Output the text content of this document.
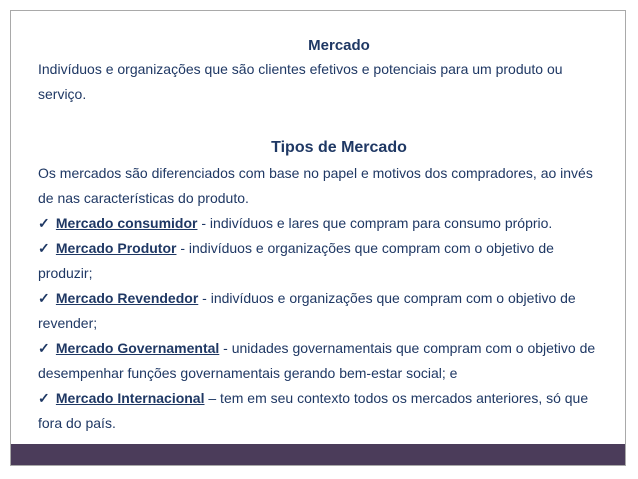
Mercado

Indivíduos e organizações que são clientes efetivos e potenciais para um produto ou serviço.

Tipos de Mercado

Os mercados são diferenciados com base no papel e motivos dos compradores, ao invés de nas características do produto.

✓ Mercado consumidor - indivíduos e lares que compram para consumo próprio.

✓ Mercado Produtor - indivíduos e organizações que compram com o objetivo de produzir;

✓ Mercado Revendedor - indivíduos e organizações que compram com o objetivo de revender;

✓ Mercado Governamental - unidades governamentais que compram com o objetivo de desempenhar funções governamentais gerando bem-estar social; e

✓ Mercado Internacional – tem em seu contexto todos os mercados anteriores, só que fora do país.
